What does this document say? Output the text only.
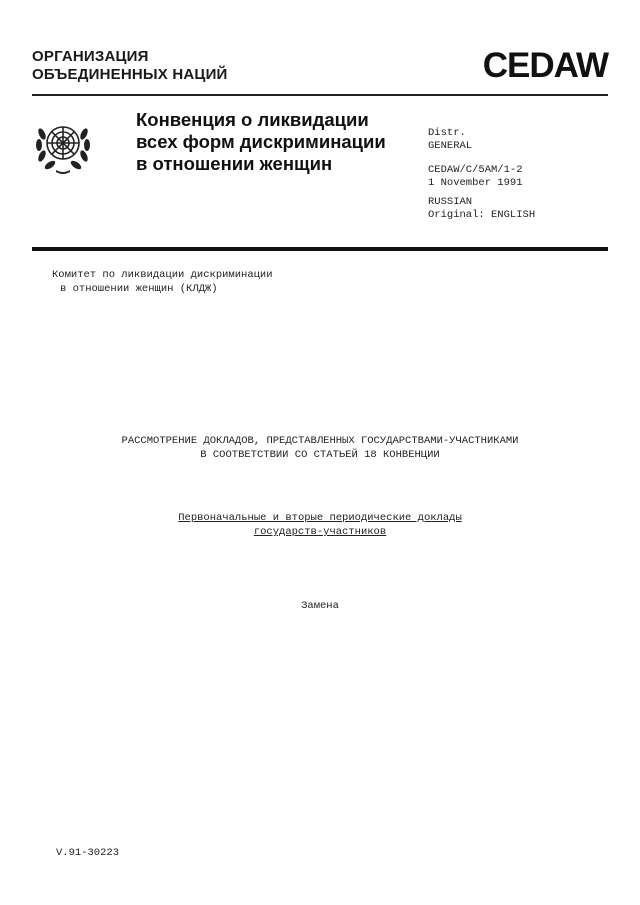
ОРГАНИЗАЦИЯ
ОБЪЕДИНЕННЫХ НАЦИЙ	CEDAW
Конвенция о ликвидации
всех форм дискриминации
в отношении женщин
Distr.
GENERAL
CEDAW/C/5AM/1-2
1 November 1991
RUSSIAN
Original: ENGLISH
Комитет по ликвидации дискриминации
в отношении женщин (КЛДЖ)
РАССМОТРЕНИЕ ДОКЛАДОВ, ПРЕДСТАВЛЕННЫХ ГОСУДАРСТВАМИ-УЧАСТНИКАМИ
В СООТВЕТСТВИИ СО СТАТЬЕЙ 18 КОНВЕНЦИИ
Первоначальные и вторые периодические доклады
государств-участников
Замена
V.91-30223
